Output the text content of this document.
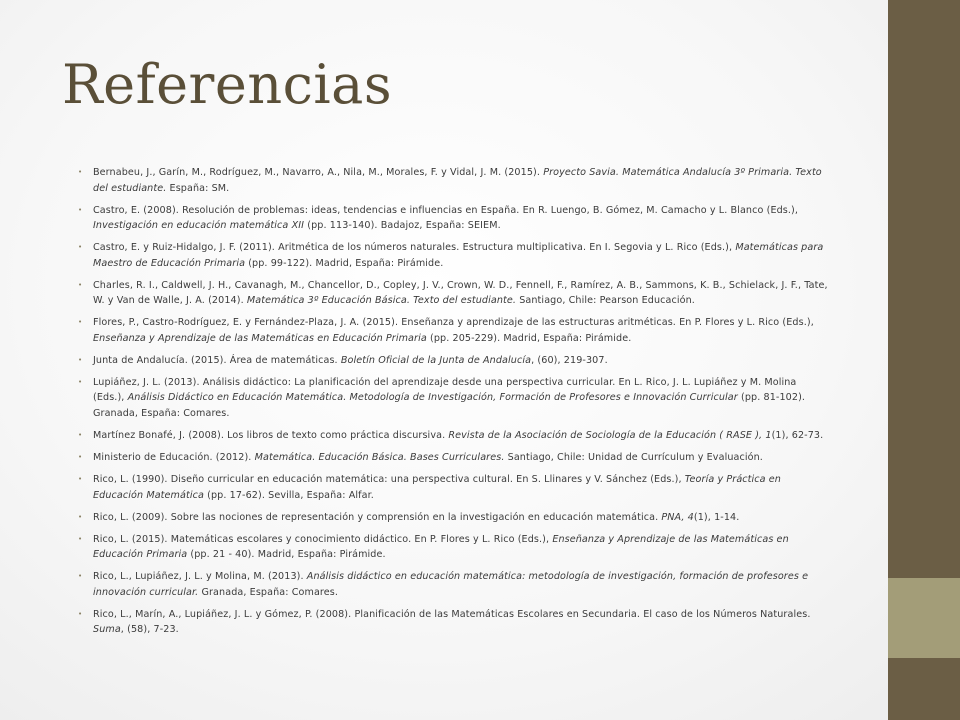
Referencias
• Bernabeu, J., Garín, M., Rodríguez, M., Navarro, A., Nila, M., Morales, F. y Vidal, J. M. (2015). Proyecto Savia. Matemática Andalucía 3º Primaria. Texto del estudiante. España: SM.
• Castro, E. (2008). Resolución de problemas: ideas, tendencias e influencias en España. En R. Luengo, B. Gómez, M. Camacho y L. Blanco (Eds.), Investigación en educación matemática XII (pp. 113-140). Badajoz, España: SEIEM.
• Castro, E. y Ruiz-Hidalgo, J. F. (2011). Aritmética de los números naturales. Estructura multiplicativa. En I. Segovia y L. Rico (Eds.), Matemáticas para Maestro de Educación Primaria (pp. 99-122). Madrid, España: Pirámide.
• Charles, R. I., Caldwell, J. H., Cavanagh, M., Chancellor, D., Copley, J. V., Crown, W. D., Fennell, F., Ramírez, A. B., Sammons, K. B., Schielack, J. F., Tate, W. y Van de Walle, J. A. (2014). Matemática 3º Educación Básica. Texto del estudiante. Santiago, Chile: Pearson Educación.
• Flores, P., Castro-Rodríguez, E. y Fernández-Plaza, J. A. (2015). Enseñanza y aprendizaje de las estructuras aritméticas. En P. Flores y L. Rico (Eds.), Enseñanza y Aprendizaje de las Matemáticas en Educación Primaria (pp. 205-229). Madrid, España: Pirámide.
• Junta de Andalucía. (2015). Área de matemáticas. Boletín Oficial de la Junta de Andalucía, (60), 219-307.
• Lupiáñez, J. L. (2013). Análisis didáctico: La planificación del aprendizaje desde una perspectiva curricular. En L. Rico, J. L. Lupiáñez y M. Molina (Eds.), Análisis Didáctico en Educación Matemática. Metodología de Investigación, Formación de Profesores e Innovación Curricular (pp. 81-102). Granada, España: Comares.
• Martínez Bonafé, J. (2008). Los libros de texto como práctica discursiva. Revista de la Asociación de Sociología de la Educación ( RASE ), 1(1), 62-73.
• Ministerio de Educación. (2012). Matemática. Educación Básica. Bases Curriculares. Santiago, Chile: Unidad de Currículum y Evaluación.
• Rico, L. (1990). Diseño curricular en educación matemática: una perspectiva cultural. En S. Llinares y V. Sánchez (Eds.), Teoría y Práctica en Educación Matemática (pp. 17-62). Sevilla, España: Alfar.
• Rico, L. (2009). Sobre las nociones de representación y comprensión en la investigación en educación matemática. PNA, 4(1), 1-14.
• Rico, L. (2015). Matemáticas escolares y conocimiento didáctico. En P. Flores y L. Rico (Eds.), Enseñanza y Aprendizaje de las Matemáticas en Educación Primaria (pp. 21 - 40). Madrid, España: Pirámide.
• Rico, L., Lupiáñez, J. L. y Molina, M. (2013). Análisis didáctico en educación matemática: metodología de investigación, formación de profesores e innovación curricular. Granada, España: Comares.
• Rico, L., Marín, A., Lupiáñez, J. L. y Gómez, P. (2008). Planificación de las Matemáticas Escolares en Secundaria. El caso de los Números Naturales. Suma, (58), 7-23.
